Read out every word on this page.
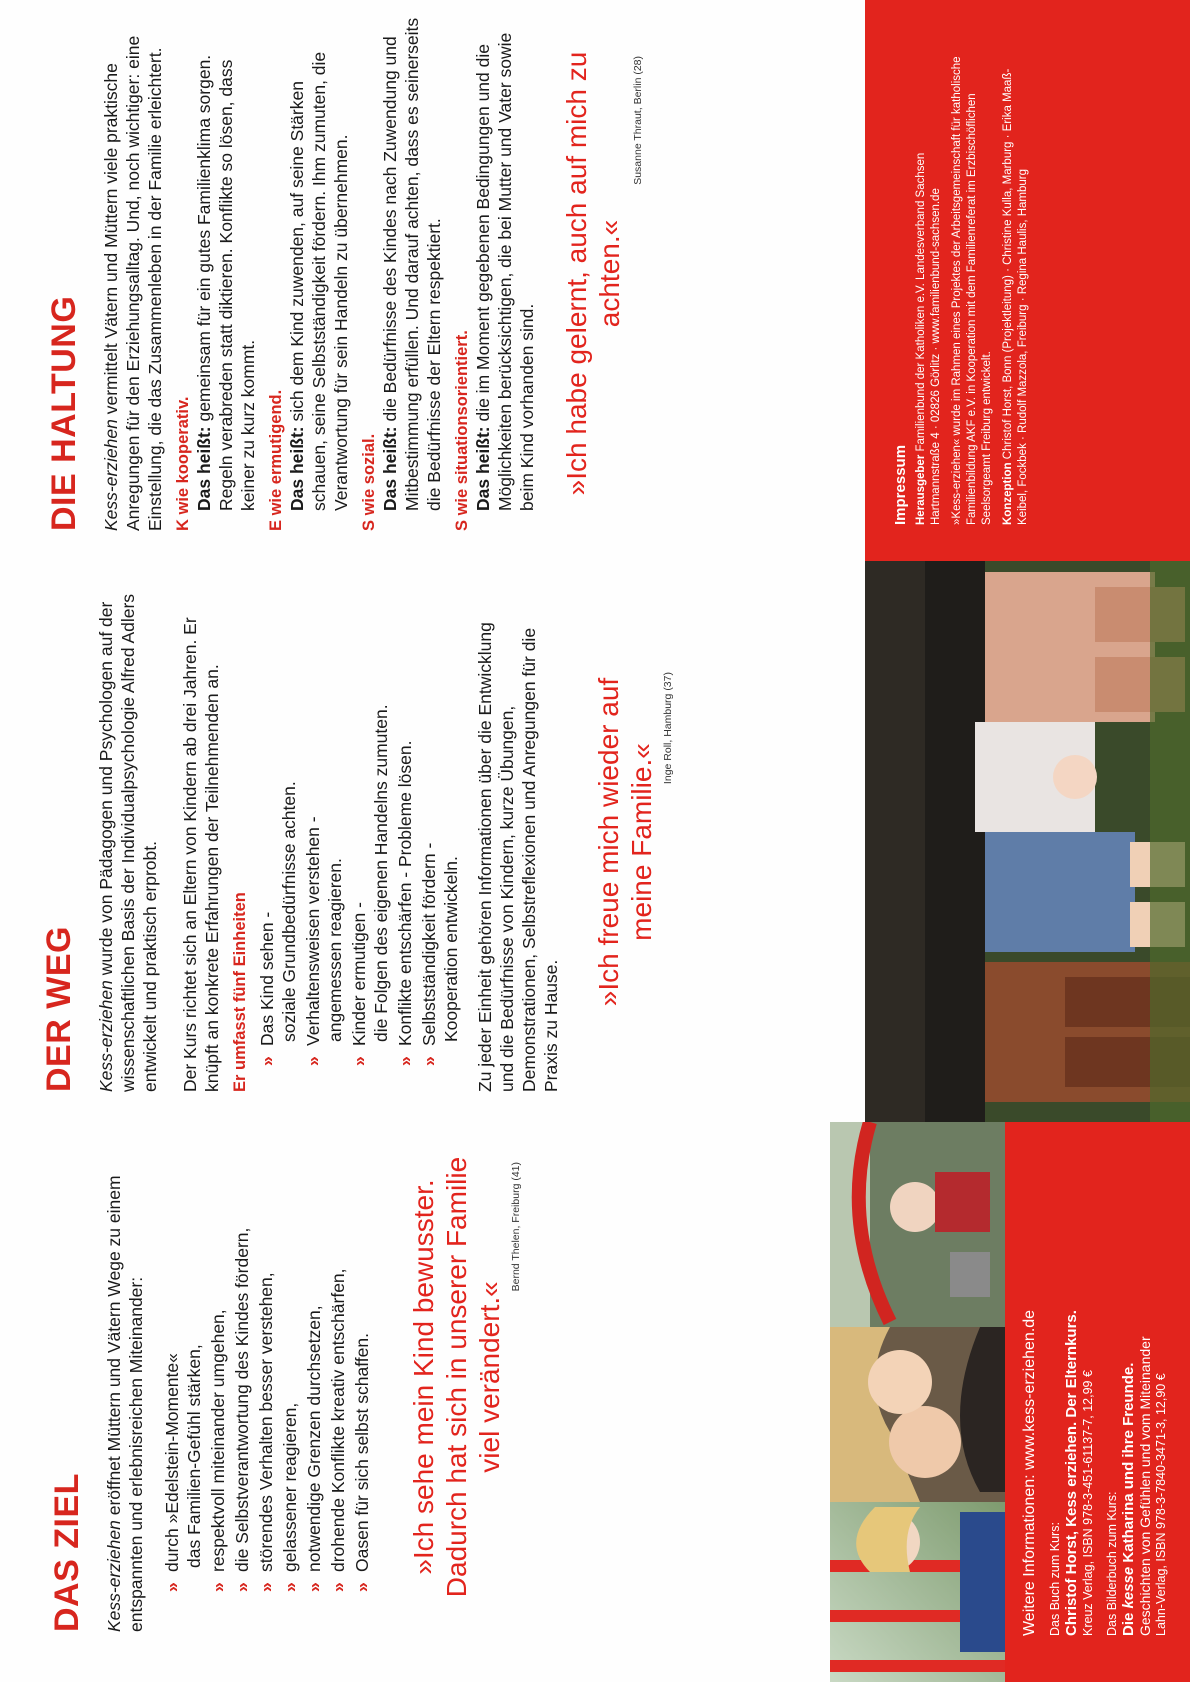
DAS ZIEL Kess-erziehen eröffnet Müttern und Vätern Wege zu einem entspannten und erlebnisreichen Miteinander: »
durch »Edelstein-Momente« das Familien-Gefühl stärken,
»
respektvoll miteinander umgehen,
»
die Selbstverantwortung des Kindes fördern,
»
störendes Verhalten besser verstehen,
»
gelassener reagieren,
»
notwendige Grenzen durchsetzen,
»
drohende Konflikte kreativ entschärfen,
»
Oasen für sich selbst schaffen. »Ich sehe mein Kind bewusster. Dadurch hat sich in unserer Familie viel verändert.«
Bernd Thelen, Freiburg (41)
Weitere Informationen: www.kess-erziehen.de Das Buch zum Kurs: Christof Horst, Kess erziehen. Der Elternkurs. Kreuz Verlag, ISBN 978-3-451-61137-7, 12,99 € Das Bilderbuch zum Kurs: Die kesse Katharina und ihre Freunde. Geschichten von Gefühlen und vom Miteinander Lahn-Verlag, ISBN 978-3-7840-3471-3, 12,90 €
DER WEG Kess-erziehen wurde von Pädagogen und Psychologen auf der wissenschaftlichen Basis der Individualpsychologie Alfred Adlers entwickelt und praktisch erprobt. Der Kurs richtet sich an Eltern von Kindern ab drei Jahren. Er knüpft an konkrete Erfahrungen der Teilnehmenden an. Er umfasst fünf Einheiten »
Das Kind sehen - soziale Grundbedürfnisse achten.
»
Verhaltensweisen verstehen - angemessen reagieren.
»
Kinder ermutigen - die Folgen des eigenen Handelns zumuten.
»
Konflikte entschärfen - Probleme lösen.
»
Selbstständigkeit fördern - Kooperation entwickeln. Zu jeder Einheit gehören Informationen über die Entwicklung und die Bedürfnisse von Kindern, kurze Übungen, Demonstrationen, Selbstreflexionen und Anregungen für die Praxis zu Hause.
»Ich freue mich wieder auf meine Familie.«
Inge Roll, Hamburg (37)
DIE HALTUNG Kess-erziehen vermittelt Vätern und Müttern viele praktische Anregungen für den Erziehungsalltag. Und, noch wichtiger: eine Einstellung, die das Zusammenleben in der Familie erleichtert. K wie kooperativ. Das heißt: gemeinsam für ein gutes Familienklima sorgen. Regeln verabreden statt diktieren. Konflikte so lösen, dass keiner zu kurz kommt. E wie ermutigend. Das heißt: sich dem Kind zuwenden, auf seine Stärken schauen, seine Selbstständigkeit fördern. Ihm zumuten, die Verantwortung für sein Handeln zu übernehmen. S wie sozial. Das heißt: die Bedürfnisse des Kindes nach Zuwendung und Mitbestimmung erfüllen. Und darauf achten, dass es seinerseits die Bedürfnisse der Eltern respektiert. S wie situationsorientiert. Das heißt: die im Moment gegebenen Bedingungen und die Möglichkeiten berücksichtigen, die bei Mutter und Vater sowie beim Kind vorhanden sind. »Ich habe gelernt, auch auf mich zu achten.«
Susanne Thraut, Berlin (28)
Impressum Herausgeber Familienbund der Katholiken e.V. Landesverband Sachsen Hartmannstraße 4 · 02826 Görlitz · www.familienbund-sachsen.de »Kess-erziehen« wurde im Rahmen eines Projektes der Arbeitsgemeinschaft für katholische Familienbildung AKF e.V. in Kooperation mit dem Familienreferat im Erzbischöflichen Seelsorgeamt Freiburg entwickelt. Konzeption Christof Horst, Bonn (Projektleitung) · Christine Kulla, Marburg · Erika Maaß-Keibel, Fockbek · Rudolf Mazzola, Freiburg · Regina Haulis, Hamburg
